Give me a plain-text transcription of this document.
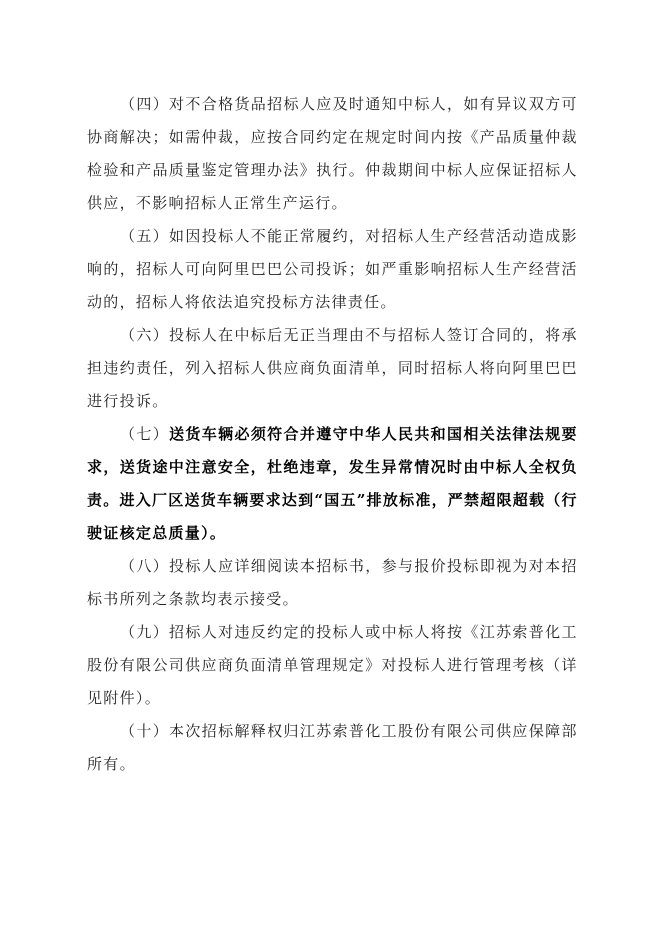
（四）对不合格货品招标人应及时通知中标人，如有异议双方可
协商解决；如需仲裁，应按合同约定在规定时间内按《产品质量仲裁
检验和产品质量鉴定管理办法》执行。仲裁期间中标人应保证招标人
供应，不影响招标人正常生产运行。
（五）如因投标人不能正常履约，对招标人生产经营活动造成影
响的，招标人可向阿里巴巴公司投诉；如严重影响招标人生产经营活
动的，招标人将依法追究投标方法律责任。
（六）投标人在中标后无正当理由不与招标人签订合同的，将承
担违约责任，列入招标人供应商负面清单，同时招标人将向阿里巴巴
进行投诉。
（七）送货车辆必须符合并遵守中华人民共和国相关法律法规要
求，送货途中注意安全，杜绝违章，发生异常情况时由中标人全权负
责。进入厂区送货车辆要求达到“国五”排放标准，严禁超限超载（行
驶证核定总质量）。
（八）投标人应详细阅读本招标书，参与报价投标即视为对本招
标书所列之条款均表示接受。
（九）招标人对违反约定的投标人或中标人将按《江苏索普化工
股份有限公司供应商负面清单管理规定》对投标人进行管理考核（详
见附件）。
（十）本次招标解释权归江苏索普化工股份有限公司供应保障部
所有。
